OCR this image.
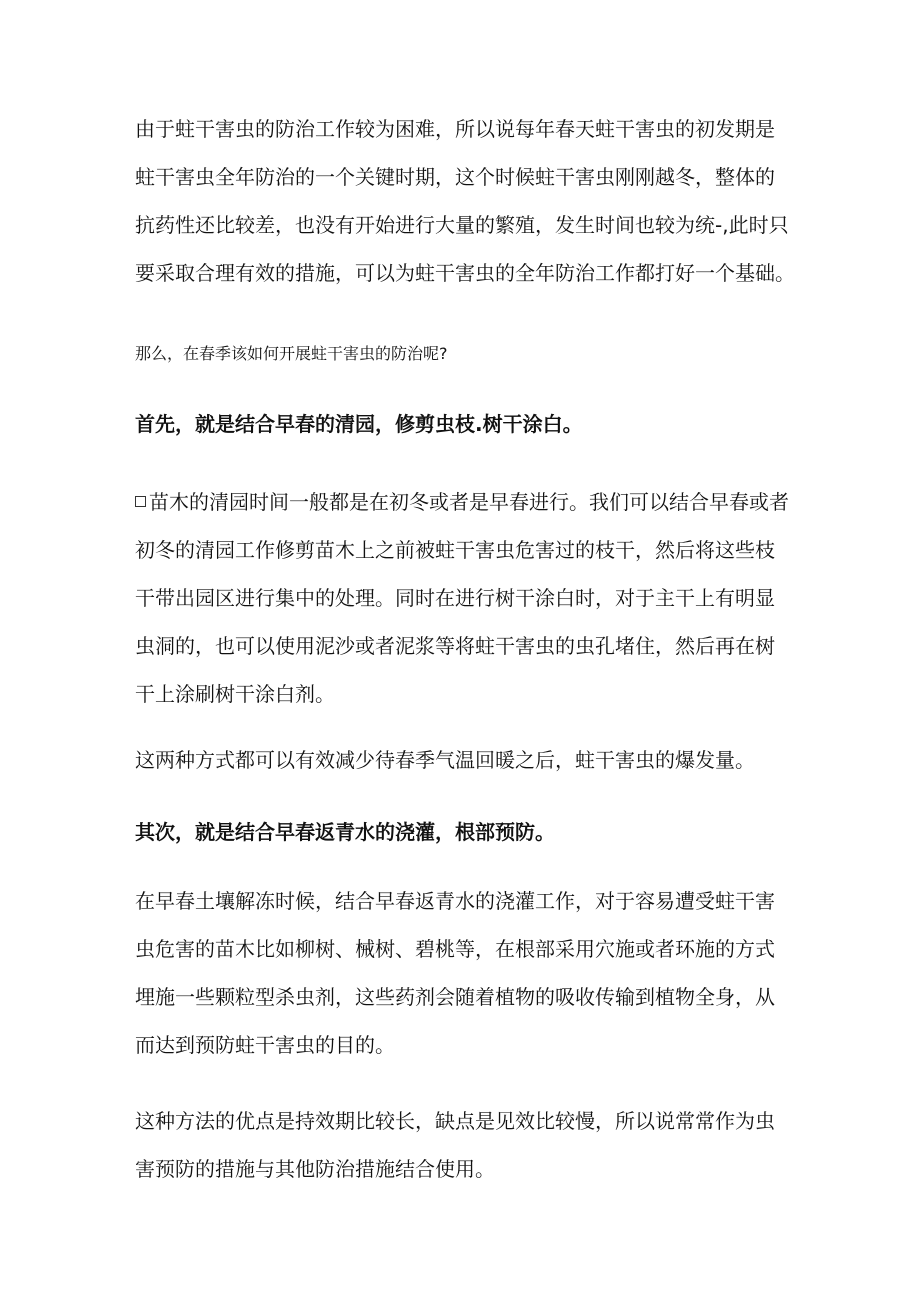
由于蛀干害虫的防治工作较为困难，所以说每年春天蛀干害虫的初发期是
蛀干害虫全年防治的一个关键时期，这个时候蛀干害虫刚刚越冬，整体的
抗药性还比较差，也没有开始进行大量的繁殖，发生时间也较为统-,此时只
要采取合理有效的措施，可以为蛀干害虫的全年防治工作都打好一个基础。
那么，在春季该如何开展蛀干害虫的防治呢?
首先，就是结合早春的清园，修剪虫枝.树干涂白。
苗木的清园时间一般都是在初冬或者是早春进行。我们可以结合早春或者
初冬的清园工作修剪苗木上之前被蛀干害虫危害过的枝干，然后将这些枝
干带出园区进行集中的处理。同时在进行树干涂白时，对于主干上有明显
虫洞的，也可以使用泥沙或者泥浆等将蛀干害虫的虫孔堵住，然后再在树
干上涂刷树干涂白剂。
这两种方式都可以有效减少待春季气温回暖之后，蛀干害虫的爆发量。
其次，就是结合早春返青水的浇灌，根部预防。
在早春土壤解冻时候，结合早春返青水的浇灌工作，对于容易遭受蛀干害
虫危害的苗木比如柳树、械树、碧桃等，在根部采用穴施或者环施的方式
埋施一些颗粒型杀虫剂，这些药剂会随着植物的吸收传输到植物全身，从
而达到预防蛀干害虫的目的。
这种方法的优点是持效期比较长，缺点是见效比较慢，所以说常常作为虫
害预防的措施与其他防治措施结合使用。
